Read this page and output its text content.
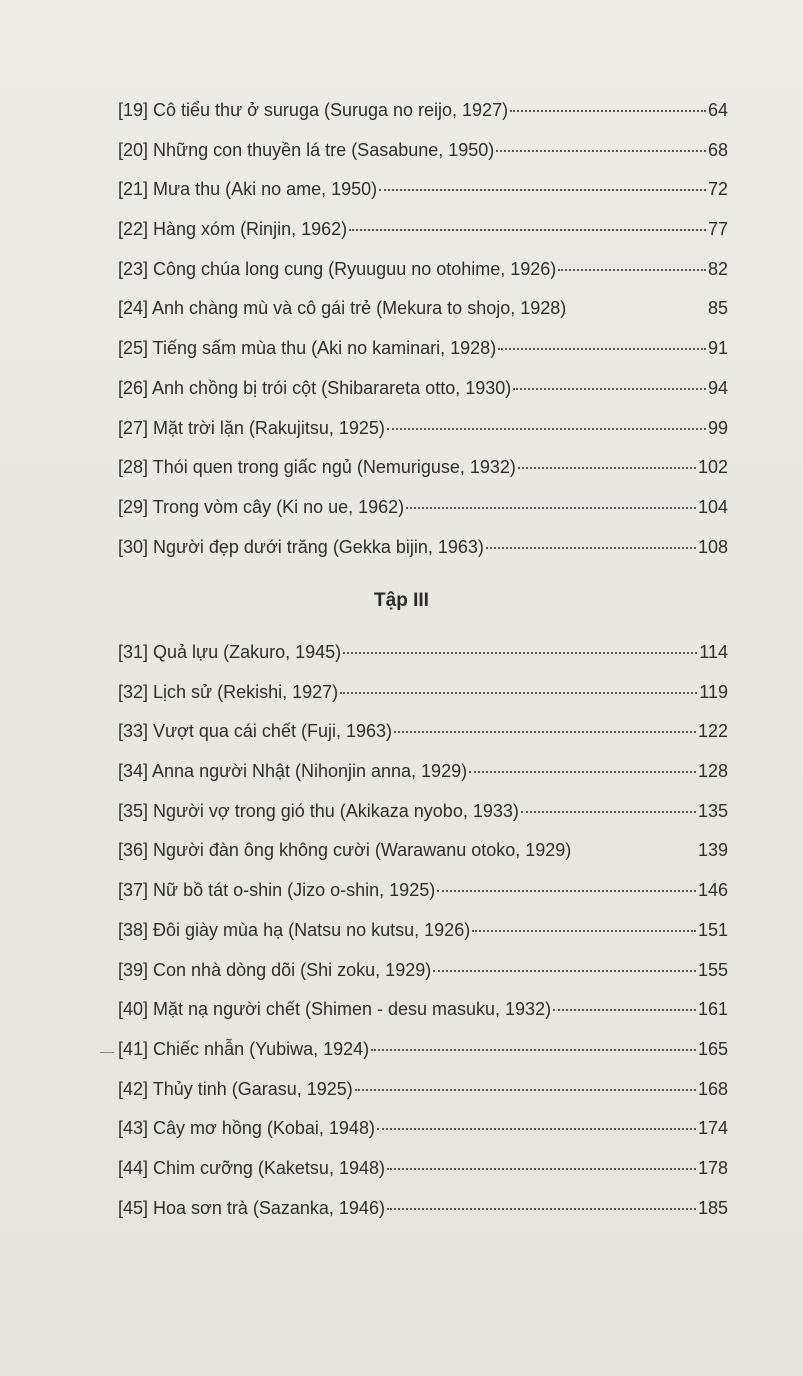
[19] Cô tiểu thư ở suruga (Suruga no reijo, 1927)	64
[20] Những con thuyền lá tre (Sasabune, 1950)	68
[21] Mưa thu (Aki no ame, 1950)	72
[22] Hàng xóm (Rinjin, 1962)	77
[23] Công chúa long cung (Ryuuguu no otohime, 1926)	82
[24] Anh chàng mù và cô gái trẻ (Mekura to shojo, 1928)	85
[25] Tiếng sấm mùa thu (Aki no kaminari, 1928)	91
[26] Anh chồng bị trói cột (Shibarareta otto, 1930)	94
[27] Mặt trời lặn (Rakujitsu, 1925)	99
[28] Thói quen trong giấc ngủ (Nemuriguse, 1932)	102
[29] Trong vòm cây (Ki no ue, 1962)	104
[30] Người đẹp dưới trăng (Gekka bijin, 1963)	108
Tập III
[31] Quả lựu (Zakuro, 1945)	114
[32] Lịch sử (Rekishi, 1927)	119
[33] Vượt qua cái chết (Fuji, 1963)	122
[34] Anna người Nhật (Nihonjin anna, 1929)	128
[35] Người vợ trong gió thu (Akikaza nyobo, 1933)	135
[36] Người đàn ông không cười (Warawanu otoko, 1929)	139
[37] Nữ bồ tát o-shin (Jizo o-shin, 1925)	146
[38] Đôi giày mùa hạ (Natsu no kutsu, 1926)	151
[39] Con nhà dòng dõi (Shi zoku, 1929)	155
[40] Mặt nạ người chết (Shimen - desu masuku, 1932)	161
[41] Chiếc nhẫn (Yubiwa, 1924)	165
[42] Thủy tinh (Garasu, 1925)	168
[43] Cây mơ hồng (Kobai, 1948)	174
[44] Chim cưỡng (Kaketsu, 1948)	178
[45] Hoa sơn trà (Sazanka, 1946)	185
